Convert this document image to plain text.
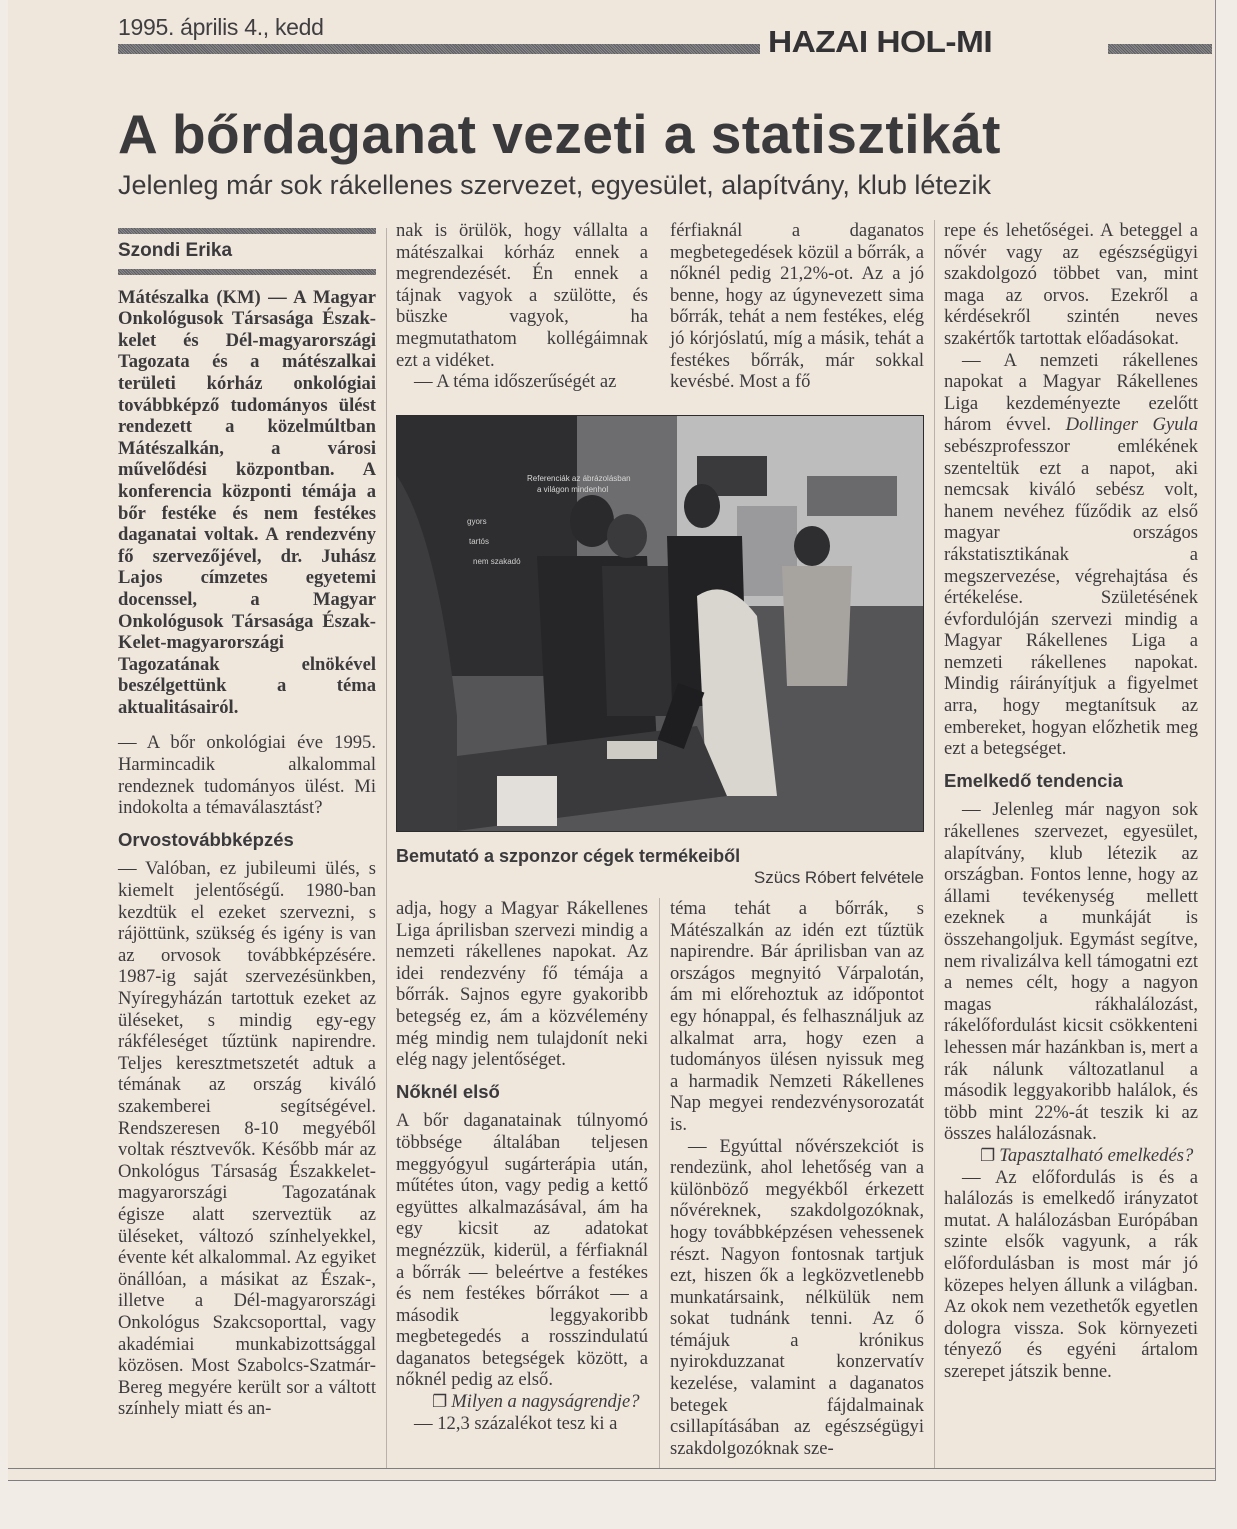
1995. április 4., kedd	HAZAI HOL-MI
A bőrdaganat vezeti a statisztikát
Jelenleg már sok rákellenes szervezet, egyesület, alapítvány, klub létezik
Szondi Erika

Mátészalka (KM) — A Magyar Onkológusok Társasága Észak-kelet és Dél-magyarországi Tagozata és a mátészalkai területi kórház onkológiai továbbképző tudományos ülést rendezett a közelmúltban Mátészalkán, a városi művelődési központban. A konferencia központi témája a bőr festéke és nem festékes daganatai voltak. A rendezvény fő szervezőjével, dr. Juhász Lajos címzetes egyetemi docenssel, a Magyar Onkológusok Társasága Észak-Kelet-magyarországi Tagozatának elnökével beszélgettünk a téma aktualitásairól.

— A bőr onkológiai éve 1995. Harmincadik alkalommal rendeznek tudományos ülést. Mi indokolta a témaválasztást?

Orvostovábbképzés

— Valóban, ez jubileumi ülés, s kiemelt jelentőségű. 1980-ban kezdtük el ezeket szervezni, s rájöttünk, szükség és igény is van az orvosok továbbképzésére. 1987-ig saját szervezésünkben, Nyíregyházán tartottuk ezeket az üléseket, s mindig egy-egy rákféleséget tűztünk napirendre. Teljes keresztmetszetét adtuk a témának az ország kiváló szakemberei segítségével. Rendszeresen 8-10 megyéből voltak résztvevők. Később már az Onkológus Társaság Északkelet-magyarországi Tagozatának égisze alatt szerveztük az üléseket, változó színhelyekkel, évente két alkalommal. Az egyiket önállóan, a másikat az Észak-, illetve a Dél-magyarországi Onkológus Szakcsoporttal, vagy akadémiai munkabizottsággal közösen. Most Szabolcs-Szatmár-Bereg megyére került sor a váltott színhely miatt és an-

nak is örülök, hogy vállalta a mátészalkai kórház ennek a megrendezését. Én ennek a tájnak vagyok a szülötte, és büszke vagyok, ha megmutathatom kollégáimnak ezt a vidéket.

— A téma időszerűségét az

férfiaknál a daganatos megbetegedések közül a bőrrák, a nőknél pedig 21,2%-ot. Az a jó benne, hogy az úgynevezett sima bőrrák, tehát a nem festékes, elég jó kórjóslatú, míg a másik, tehát a festékes bőrrák, már sokkal kevésbé. Most a fő

Referenciák az ábrázolásban
a világon mindenhol
gyors
tartós
nem szakadó
Bemutató a szponzor cégek termékeiből
Szücs Róbert felvétele

adja, hogy a Magyar Rákellenes Liga áprilisban szervezi mindig a nemzeti rákellenes napokat. Az idei rendezvény fő témája a bőrrák. Sajnos egyre gyakoribb betegség ez, ám a közvélemény még mindig nem tulajdonít neki elég nagy jelentőséget.

Nőknél első

A bőr daganatainak túlnyomó többsége általában teljesen meggyógyul sugárterápia után, műtétes úton, vagy pedig a kettő együttes alkalmazásával, ám ha egy kicsit az adatokat megnézzük, kiderül, a férfiaknál a bőrrák — beleértve a festékes és nem festékes bőrrákot — a második leggyakoribb megbetegedés a rosszindulatú daganatos betegségek között, a nőknél pedig az első.

❐ Milyen a nagyságrendje?

— 12,3 százalékot tesz ki a

téma tehát a bőrrák, s Mátészalkán az idén ezt tűztük napirendre. Bár áprilisban van az országos megnyitó Várpalotán, ám mi előrehoztuk az időpontot egy hónappal, és felhasználjuk az alkalmat arra, hogy ezen a tudományos ülésen nyissuk meg a harmadik Nemzeti Rákellenes Nap megyei rendezvénysorozatát is.

— Egyúttal nővérszekciót is rendezünk, ahol lehetőség van a különböző megyékből érkezett nővéreknek, szakdolgozóknak, hogy továbbképzésen vehessenek részt. Nagyon fontosnak tartjuk ezt, hiszen ők a legközvetlenebb munkatársaink, nélkülük nem sokat tudnánk tenni. Az ő témájuk a krónikus nyirokduzzanat konzervatív kezelése, valamint a daganatos betegek fájdalmainak csillapításában az egészségügyi szakdolgozóknak sze-

repe és lehetőségei. A beteggel a nővér vagy az egészségügyi szakdolgozó többet van, mint maga az orvos. Ezekről a kérdésekről szintén neves szakértők tartottak előadásokat.

— A nemzeti rákellenes napokat a Magyar Rákellenes Liga kezdeményezte ezelőtt három évvel. Dollinger Gyula sebészprofesszor emlékének szenteltük ezt a napot, aki nemcsak kiváló sebész volt, hanem nevéhez fűződik az első magyar országos rákstatisztikának a megszervezése, végrehajtása és értékelése. Születésének évfordulóján szervezi mindig a Magyar Rákellenes Liga a nemzeti rákellenes napokat. Mindig ráirányítjuk a figyelmet arra, hogy megtanítsuk az embereket, hogyan előzhetik meg ezt a betegséget.

Emelkedő tendencia

— Jelenleg már nagyon sok rákellenes szervezet, egyesület, alapítvány, klub létezik az országban. Fontos lenne, hogy az állami tevékenység mellett ezeknek a munkáját is összehangoljuk. Egymást segítve, nem rivalizálva kell támogatni ezt a nemes célt, hogy a nagyon magas rákhalálozást, rákelőfordulást kicsit csökkenteni lehessen már hazánkban is, mert a rák nálunk változatlanul a második leggyakoribb halálok, és több mint 22%-át teszik ki az összes halálozásnak.

❐ Tapasztalható emelkedés?

— Az előfordulás is és a halálozás is emelkedő irányzatot mutat. A halálozásban Európában szinte elsők vagyunk, a rák előfordulásban is most már jó közepes helyen állunk a világban. Az okok nem vezethetők egyetlen dologra vissza. Sok környezeti tényező és egyéni ártalom szerepet játszik benne.
